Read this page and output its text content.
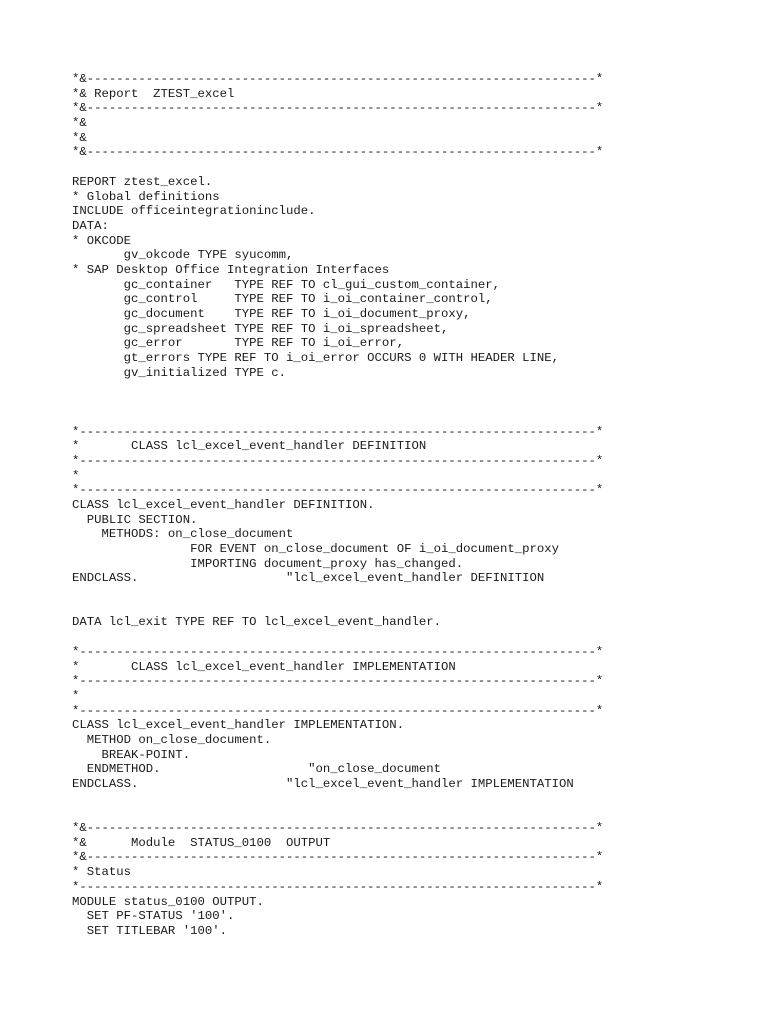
*&---------------------------------------------------------------------*
*& Report  ZTEST_excel
*&---------------------------------------------------------------------*
*&
*&
*&---------------------------------------------------------------------*
REPORT ztest_excel.
* Global definitions
INCLUDE officeintegrationinclude.
DATA:
* OKCODE
gv_okcode TYPE syucomm,
* SAP Desktop Office Integration Interfaces
gc_container   TYPE REF TO cl_gui_custom_container,
gc_control     TYPE REF TO i_oi_container_control,
gc_document    TYPE REF TO i_oi_document_proxy,
gc_spreadsheet TYPE REF TO i_oi_spreadsheet,
gc_error       TYPE REF TO i_oi_error,
gt_errors TYPE REF TO i_oi_error OCCURS 0 WITH HEADER LINE,
gv_initialized TYPE c.
*----------------------------------------------------------------------*
*       CLASS lcl_excel_event_handler DEFINITION
*----------------------------------------------------------------------*
*
*----------------------------------------------------------------------*
CLASS lcl_excel_event_handler DEFINITION.
PUBLIC SECTION.
METHODS: on_close_document
FOR EVENT on_close_document OF i_oi_document_proxy
IMPORTING document_proxy has_changed.
ENDCLASS.                    "lcl_excel_event_handler DEFINITION
DATA lcl_exit TYPE REF TO lcl_excel_event_handler.
*----------------------------------------------------------------------*
*       CLASS lcl_excel_event_handler IMPLEMENTATION
*----------------------------------------------------------------------*
*
*----------------------------------------------------------------------*
CLASS lcl_excel_event_handler IMPLEMENTATION.
METHOD on_close_document.
BREAK-POINT.
ENDMETHOD.                    "on_close_document
ENDCLASS.                    "lcl_excel_event_handler IMPLEMENTATION
*&---------------------------------------------------------------------*
*&      Module  STATUS_0100  OUTPUT
*&---------------------------------------------------------------------*
* Status
*----------------------------------------------------------------------*
MODULE status_0100 OUTPUT.
SET PF-STATUS '100'.
SET TITLEBAR '100'.
